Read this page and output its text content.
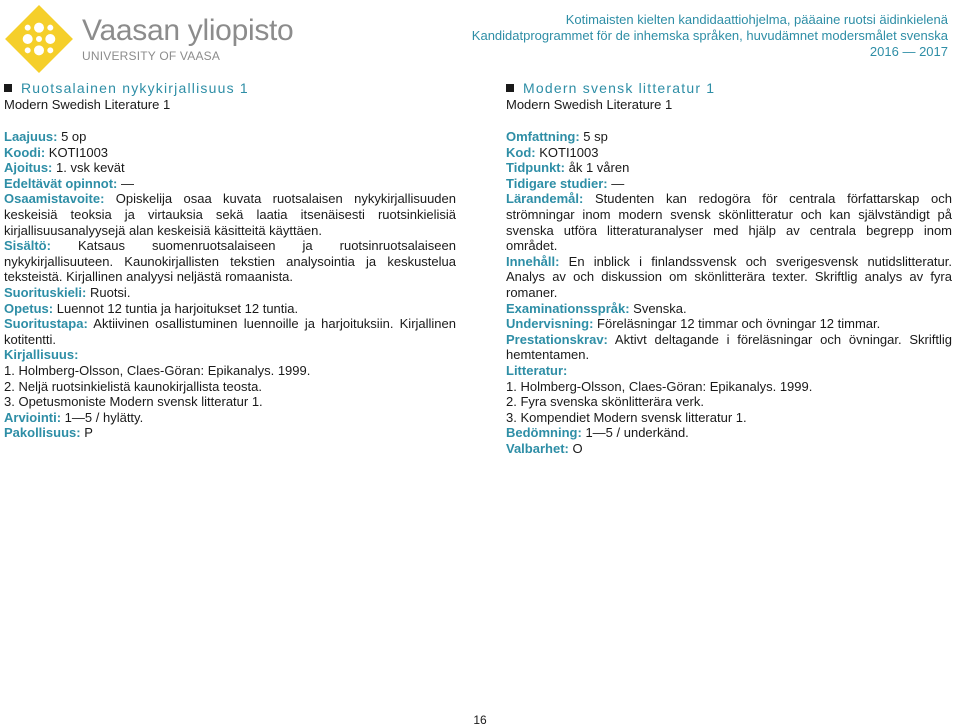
Vaasan yliopisto
UNIVERSITY OF VAASA
Kotimaisten kielten kandidaattiohjelma, pääaine ruotsi äidinkielenä
Kandidatprogrammet för de inhemska språken, huvudämnet modersmålet svenska
2016 — 2017
Ruotsalainen nykykirjallisuus 1
Modern Swedish Literature 1
Laajuus: 5 op
Koodi: KOTI1003
Ajoitus: 1. vsk kevät
Edeltävät opinnot: —
Osaamistavoite: Opiskelija osaa kuvata ruotsalaisen nykykirjallisuuden keskeisiä teoksia ja virtauksia sekä laatia itsenäisesti ruotsinkielisiä kirjallisuusanalyysejä alan keskeisiä käsitteitä käyttäen.
Sisältö: Katsaus suomenruotsalaiseen ja ruotsinruotsalaiseen nykykirjallisuuteen. Kaunokirjallisten tekstien analysointia ja keskustelua teksteistä. Kirjallinen analyysi neljästä romaanista.
Suorituskieli: Ruotsi.
Opetus: Luennot 12 tuntia ja harjoitukset 12 tuntia.
Suoritustapa: Aktiivinen osallistuminen luennoille ja harjoituksiin. Kirjallinen kotitentti.
Kirjallisuus:
1. Holmberg-Olsson, Claes-Göran: Epikanalys. 1999.
2. Neljä ruotsinkielistä kaunokirjallista teosta.
3. Opetusmoniste Modern svensk litteratur 1.
Arviointi: 1—5 / hylätty.
Pakollisuus: P
Modern svensk litteratur 1
Modern Swedish Literature 1
Omfattning: 5 sp
Kod: KOTI1003
Tidpunkt: åk 1 våren
Tidigare studier: —
Lärandemål: Studenten kan redogöra för centrala författarskap och strömningar inom modern svensk skönlitteratur och kan självständigt på svenska utföra litteraturanalyser med hjälp av centrala begrepp inom området.
Innehåll: En inblick i finlandssvensk och sverigesvensk nutidslitteratur. Analys av och diskussion om skönlitterära texter. Skriftlig analys av fyra romaner.
Examinationsspråk: Svenska.
Undervisning: Föreläsningar 12 timmar och övningar 12 timmar.
Prestationskrav: Aktivt deltagande i föreläsningar och övningar. Skriftlig hemtentamen.
Litteratur:
1. Holmberg-Olsson, Claes-Göran: Epikanalys. 1999.
2. Fyra svenska skönlitterära verk.
3. Kompendiet Modern svensk litteratur 1.
Bedömning: 1—5 / underkänd.
Valbarhet: O
16
